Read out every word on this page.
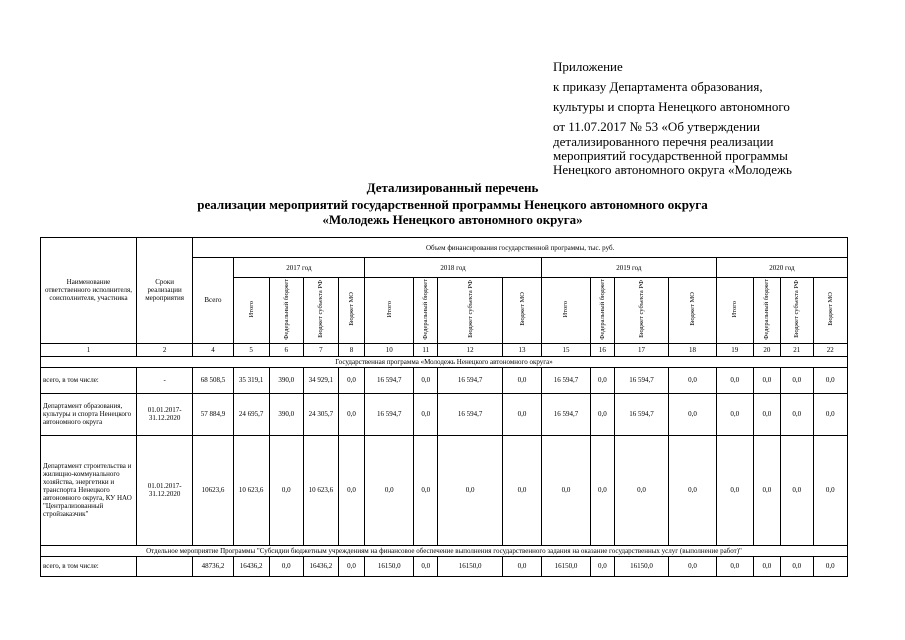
Приложение
к приказу Департамента образования,
культуры и спорта Ненецкого автономного
от 11.07.2017 № 53 «Об утверждении
детализированного перечня реализации
мероприятий государственной программы
Ненецкого автономного округа «Молодежь
Детализированный перечень
реализации мероприятий государственной программы Ненецкого автономного округа
«Молодежь Ненецкого автономного округа»
Наименование ответственного исполнителя, соисполнителя, участника	Сроки реализации мероприятия	Объем финансирования государственной программы, тыс. руб.																
		Всего	2017 год				2018 год				2019 год				2020 год			
			Итого	Федеральный бюджет	Бюджет субъекта РФ	Бюджет МО	Итого	Федеральный бюджет	Бюджет субъекта РФ	Бюджет МО	Итого	Федеральный бюджет	Бюджет субъекта РФ	Бюджет МО	Итого	Федеральный бюджет	Бюджет субъекта РФ	Бюджет МО
1	2	4	5	6	7	8	10	11	12	13	15	16	17	18	19	20	21	22
Государственная программа «Молодежь Ненецкого автономного округа»																		
всего, в том числе:	-	68 508,5	35 319,1	390,0	34 929,1	0,0	16 594,7	0,0	16 594,7	0,0	16 594,7	0,0	16 594,7	0,0	0,0	0,0	0,0	0,0
Департамент образования, культуры и спорта Ненецкого автономного округа	01.01.2017-31.12.2020	57 884,9	24 695,7	390,0	24 305,7	0,0	16 594,7	0,0	16 594,7	0,0	16 594,7	0,0	16 594,7	0,0	0,0	0,0	0,0	0,0
Департамент строительства и жилищно-коммунального хозяйства, энергетики и транспорта Ненецкого автономного округа, КУ НАО "Централизованный стройзаказчик"	01.01.2017-31.12.2020	10623,6	10 623,6	0,0	10 623,6	0,0	0,0	0,0	0,0	0,0	0,0	0,0	0,0	0,0	0,0	0,0	0,0	0,0
Отдельное мероприятие Программы "Субсидии бюджетным учреждениям на финансовое обеспечение выполнения государственного задания на оказание государственных услуг (выполнение работ)"																		
всего, в том числе:		48736,2	16436,2	0,0	16436,2	0,0	16150,0	0,0	16150,0	0,0	16150,0	0,0	16150,0	0,0	0,0	0,0	0,0	0,0
